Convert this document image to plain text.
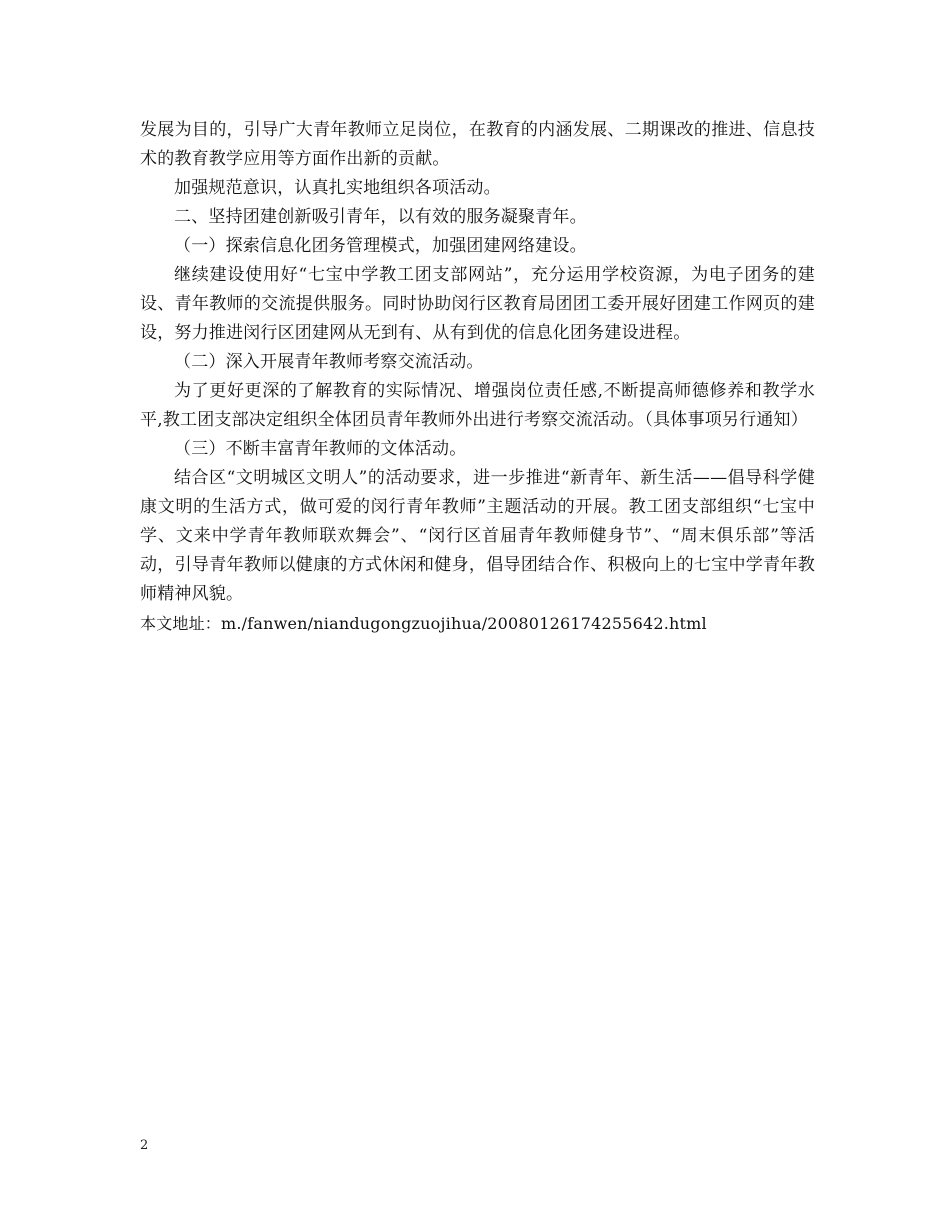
发展为目的，引导广大青年教师立足岗位，在教育的内涵发展、二期课改的推进、信息技术的教育教学应用等方面作出新的贡献。

加强规范意识，认真扎实地组织各项活动。

二、坚持团建创新吸引青年，以有效的服务凝聚青年。

（一）探索信息化团务管理模式，加强团建网络建设。

继续建设使用好“七宝中学教工团支部网站”，充分运用学校资源，为电子团务的建设、青年教师的交流提供服务。同时协助闵行区教育局团团工委开展好团建工作网页的建设，努力推进闵行区团建网从无到有、从有到优的信息化团务建设进程。

（二）深入开展青年教师考察交流活动。

为了更好更深的了解教育的实际情况、增强岗位责任感,不断提高师德修养和教学水平,教工团支部决定组织全体团员青年教师外出进行考察交流活动。（具体事项另行通知）

（三）不断丰富青年教师的文体活动。

结合区“文明城区文明人”的活动要求，进一步推进“新青年、新生活——倡导科学健康文明的生活方式，做可爱的闵行青年教师”主题活动的开展。教工团支部组织“七宝中学、文来中学青年教师联欢舞会”、“闵行区首届青年教师健身节”、“周末俱乐部”等活动，引导青年教师以健康的方式休闲和健身，倡导团结合作、积极向上的七宝中学青年教师精神风貌。

本文地址：m./fanwen/niandugongzuojihua/20080126174255642.html

2
